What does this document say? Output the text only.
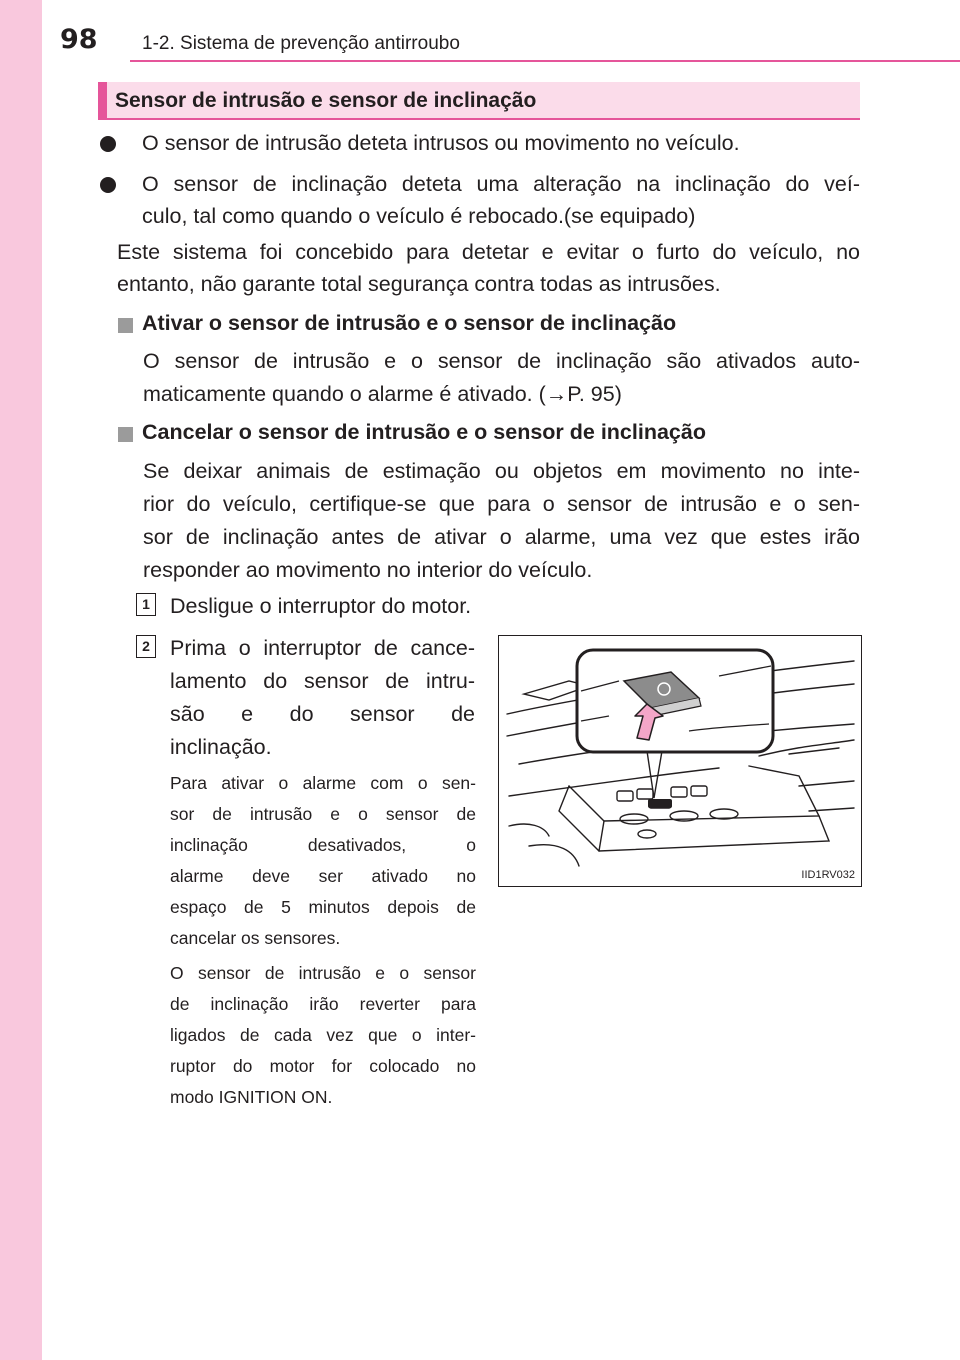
98 1-2. Sistema de prevenção antirroubo
Sensor de intrusão e sensor de inclinação
O sensor de intrusão deteta intrusos ou movimento no veículo.
O sensor de inclinação deteta uma alteração na inclinação do veí-
culo, tal como quando o veículo é rebocado.(se equipado)
Este sistema foi concebido para detetar e evitar o furto do veículo, no
entanto, não garante total segurança contra todas as intrusões.
Ativar o sensor de intrusão e o sensor de inclinação
O sensor de intrusão e o sensor de inclinação são ativados auto-
maticamente quando o alarme é ativado. (→P. 95)
Cancelar o sensor de intrusão e o sensor de inclinação
Se deixar animais de estimação ou objetos em movimento no inte-
rior do veículo, certifique-se que para o sensor de intrusão e o sen-
sor de inclinação antes de ativar o alarme, uma vez que estes irão
responder ao movimento no interior do veículo.
1 Desligue o interruptor do motor.
2 Prima o interruptor de cance-
lamento do sensor de intru-
são e do sensor de
inclinação.
Para ativar o alarme com o sen-
sor de intrusão e o sensor de
inclinação desativados, o
alarme deve ser ativado no
espaço de 5 minutos depois de
cancelar os sensores.
O sensor de intrusão e o sensor
de inclinação irão reverter para
ligados de cada vez que o inter-
ruptor do motor for colocado no
modo IGNITION ON.
IID1RV032
